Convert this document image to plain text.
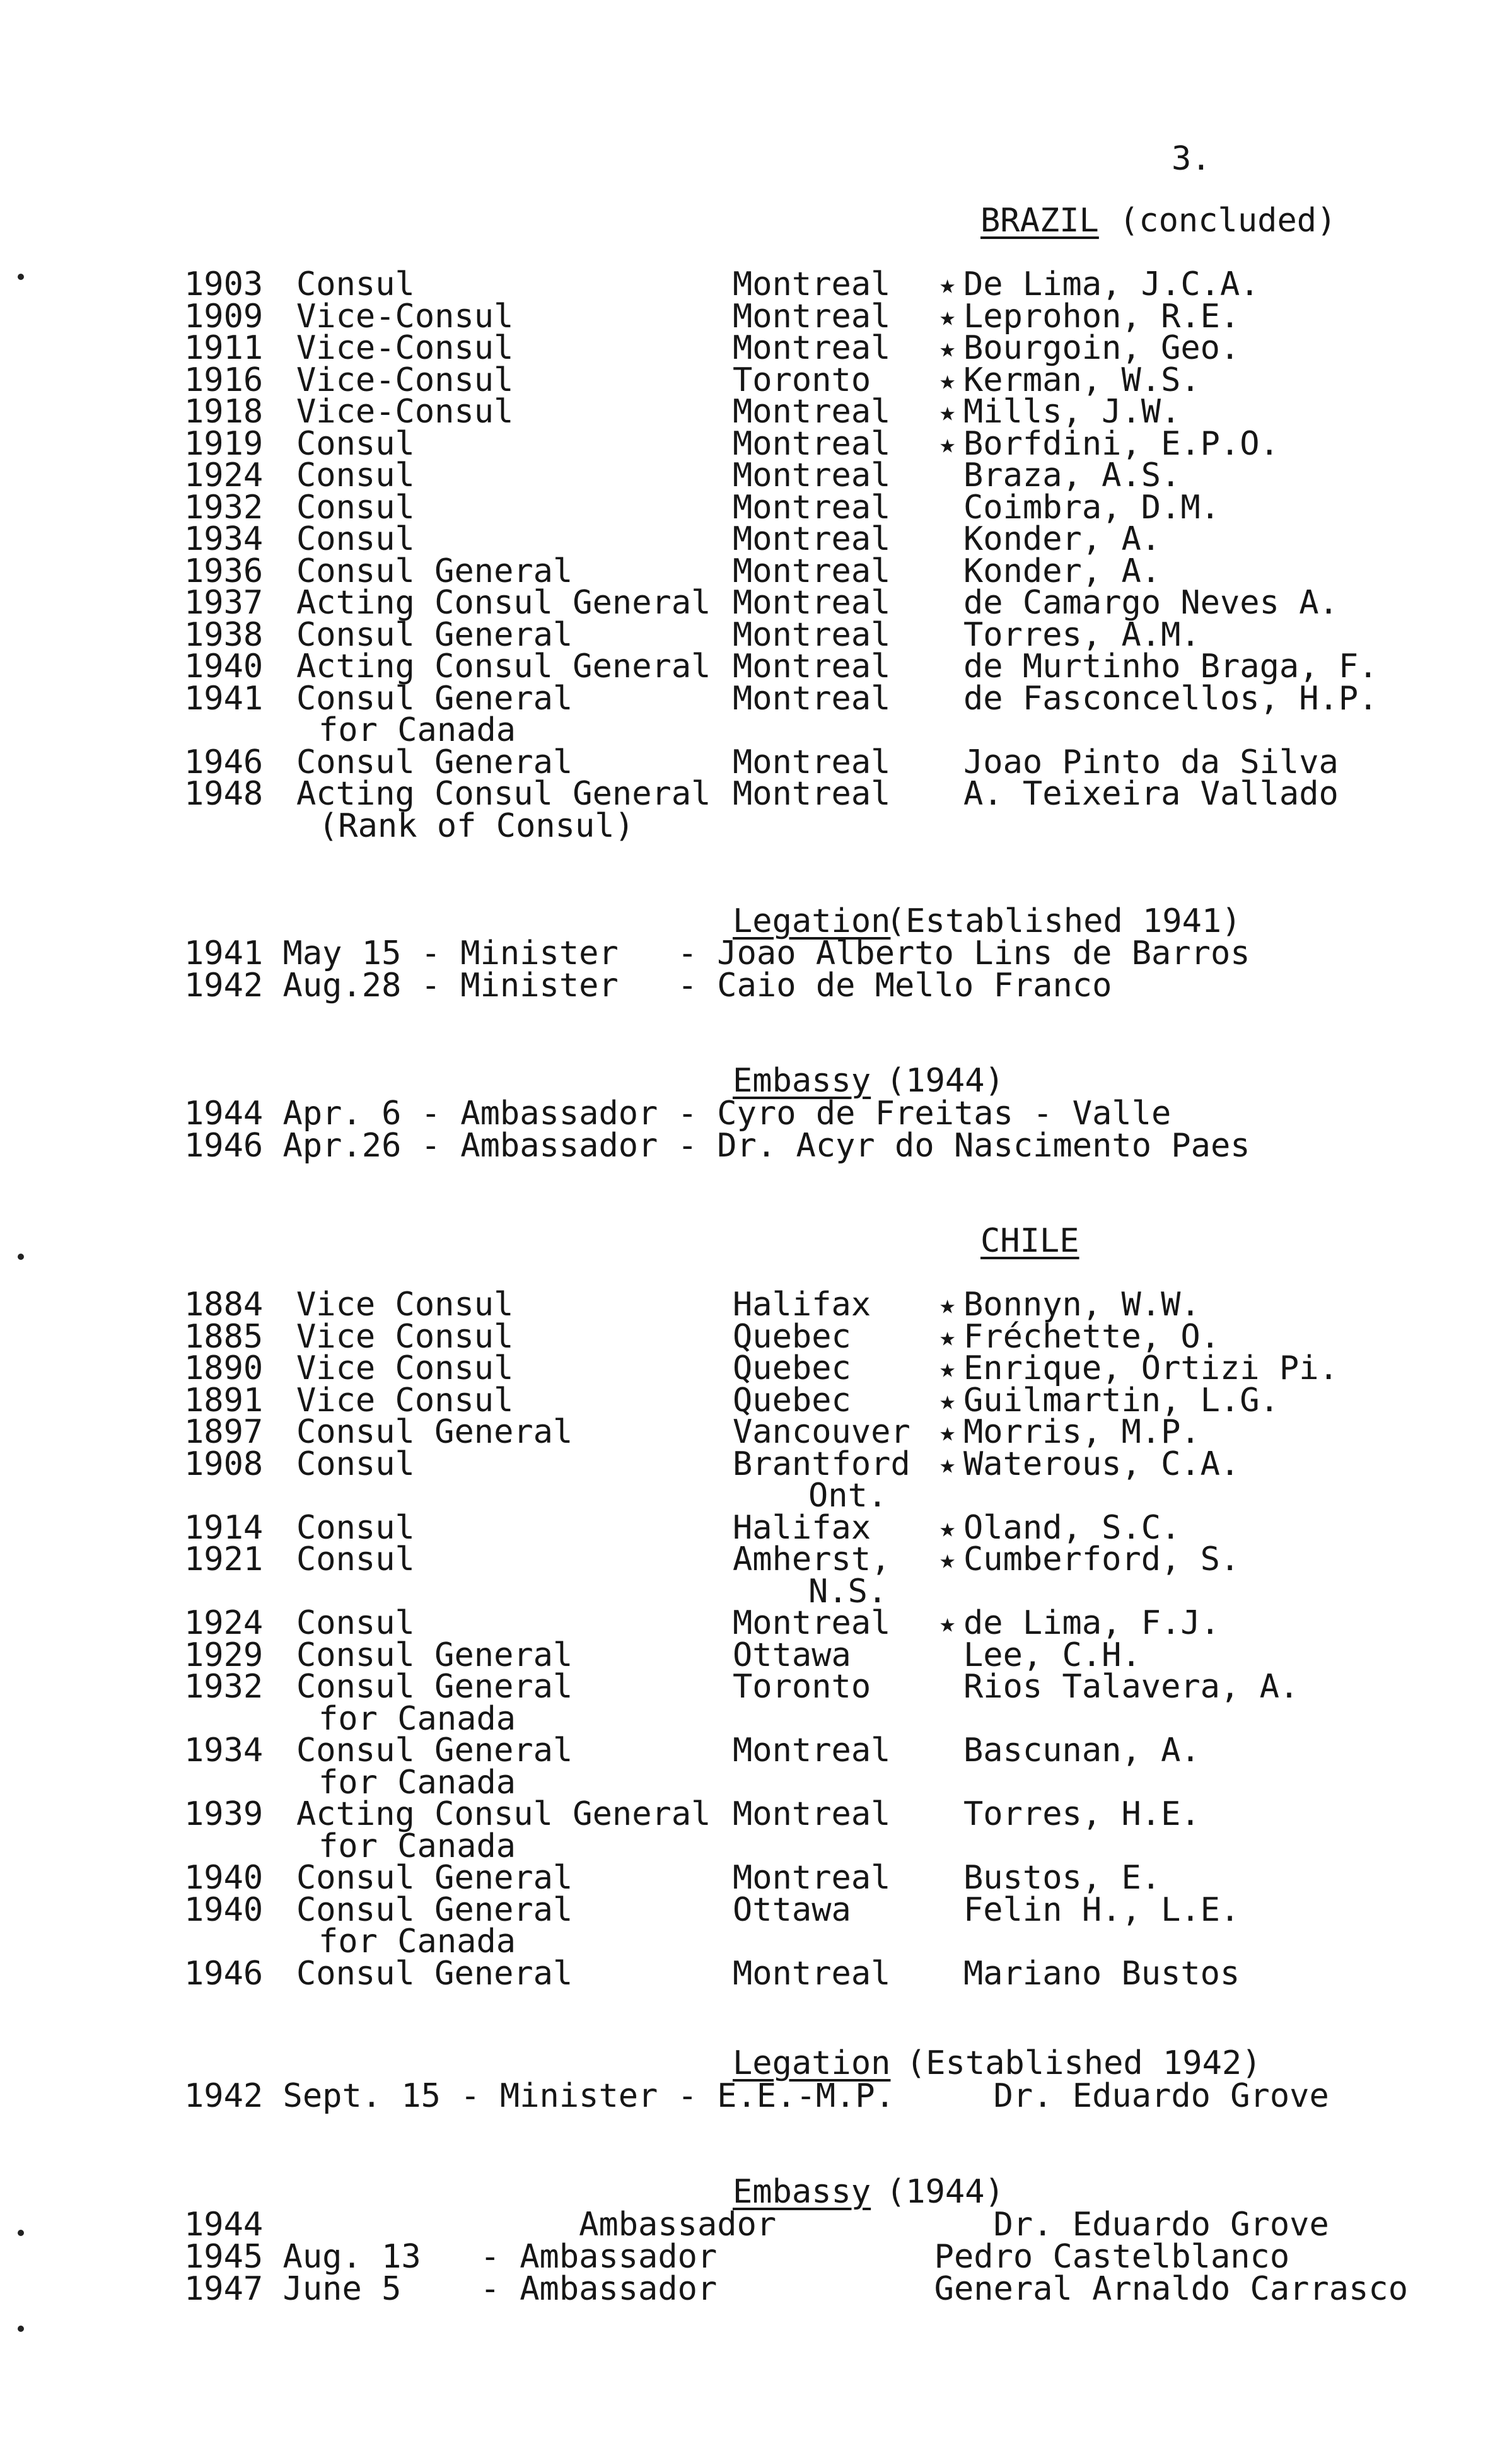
3.
BRAZIL (concluded)
1903 Consul	Montreal ★ De Lima, J.C.A.
1909 Vice-Consul	Montreal ★ Leprohon, R.E.
1911 Vice-Consul	Montreal ★ Bourgoin, Geo.
1916 Vice-Consul	Toronto	★ Kerman, W.S.
1918 Vice-Consul	Montreal ★ Mills, J.W.
1919 Consul	Montreal ★ Borfdini, E.P.O.
1924 Consul	Montreal Braza, A.S.
1932 Consul	Montreal Coimbra, D.M.
1934 Consul	Montreal Konder, A.
1936 Consul General	Montreal Konder, A.
1937 Acting Consul General Montreal de Camargo Neves A.
1938 Consul General	Montreal Torres, A.M.
1940 Acting Consul General Montreal de Murtinho Braga, F.
1941 Consul General	Montreal de Fasconcellos, H.P.
for Canada
1946 Consul General	Montreal Joao Pinto da Silva
1948 Acting Consul General Montreal A. Teixeira Vallado
(Rank of Consul)
Legation
(Established 1941)
1941 May 15 - Minister   - Joao Alberto Lins de Barros
1942 Aug.28 - Minister   - Caio de Mello Franco
Embassy (1944)
1944 Apr. 6 - Ambassador - Cyro de Freitas - Valle
1946 Apr.26 - Ambassador - Dr. Acyr do Nascimento Paes
CHILE
1884 Vice Consul	Halifax	★ Bonnyn, W.W.
1885 Vice Consul	Quebec	★ Fréchette, O.
1890 Vice Consul	Quebec	★ Enrique, Ortizi Pi.
1891 Vice Consul	Quebec	★ Guilmartin, L.G.
1897 Consul General	Vancouver ★ Morris, M.P.
1908 Consul	Brantford ★ Waterous, C.A.
Ont.
1914 Consul	Halifax	★ Oland, S.C.
1921 Consul	Amherst, ★ Cumberford, S.
N.S.
1924 Consul	Montreal ★ de Lima, F.J.
1929 Consul General	Ottawa	Lee, C.H.
1932 Consul General	Toronto	Rios Talavera, A.
for Canada
1934 Consul General	Montreal Bascunan, A.
for Canada
1939 Acting Consul General Montreal Torres, H.E.
for Canada
1940 Consul General	Montreal Bustos, E.
1940 Consul General	Ottawa	Felin H., L.E.
for Canada
1946 Consul General	Montreal Mariano Bustos
Legation (Established 1942)
1942 Sept. 15 - Minister - E.E.-M.P.     Dr. Eduardo Grove
Embassy (1944)
1944                Ambassador           Dr. Eduardo Grove
1945 Aug. 13   - Ambassador           Pedro Castelblanco
1947 June 5    - Ambassador           General Arnaldo Carrasco
